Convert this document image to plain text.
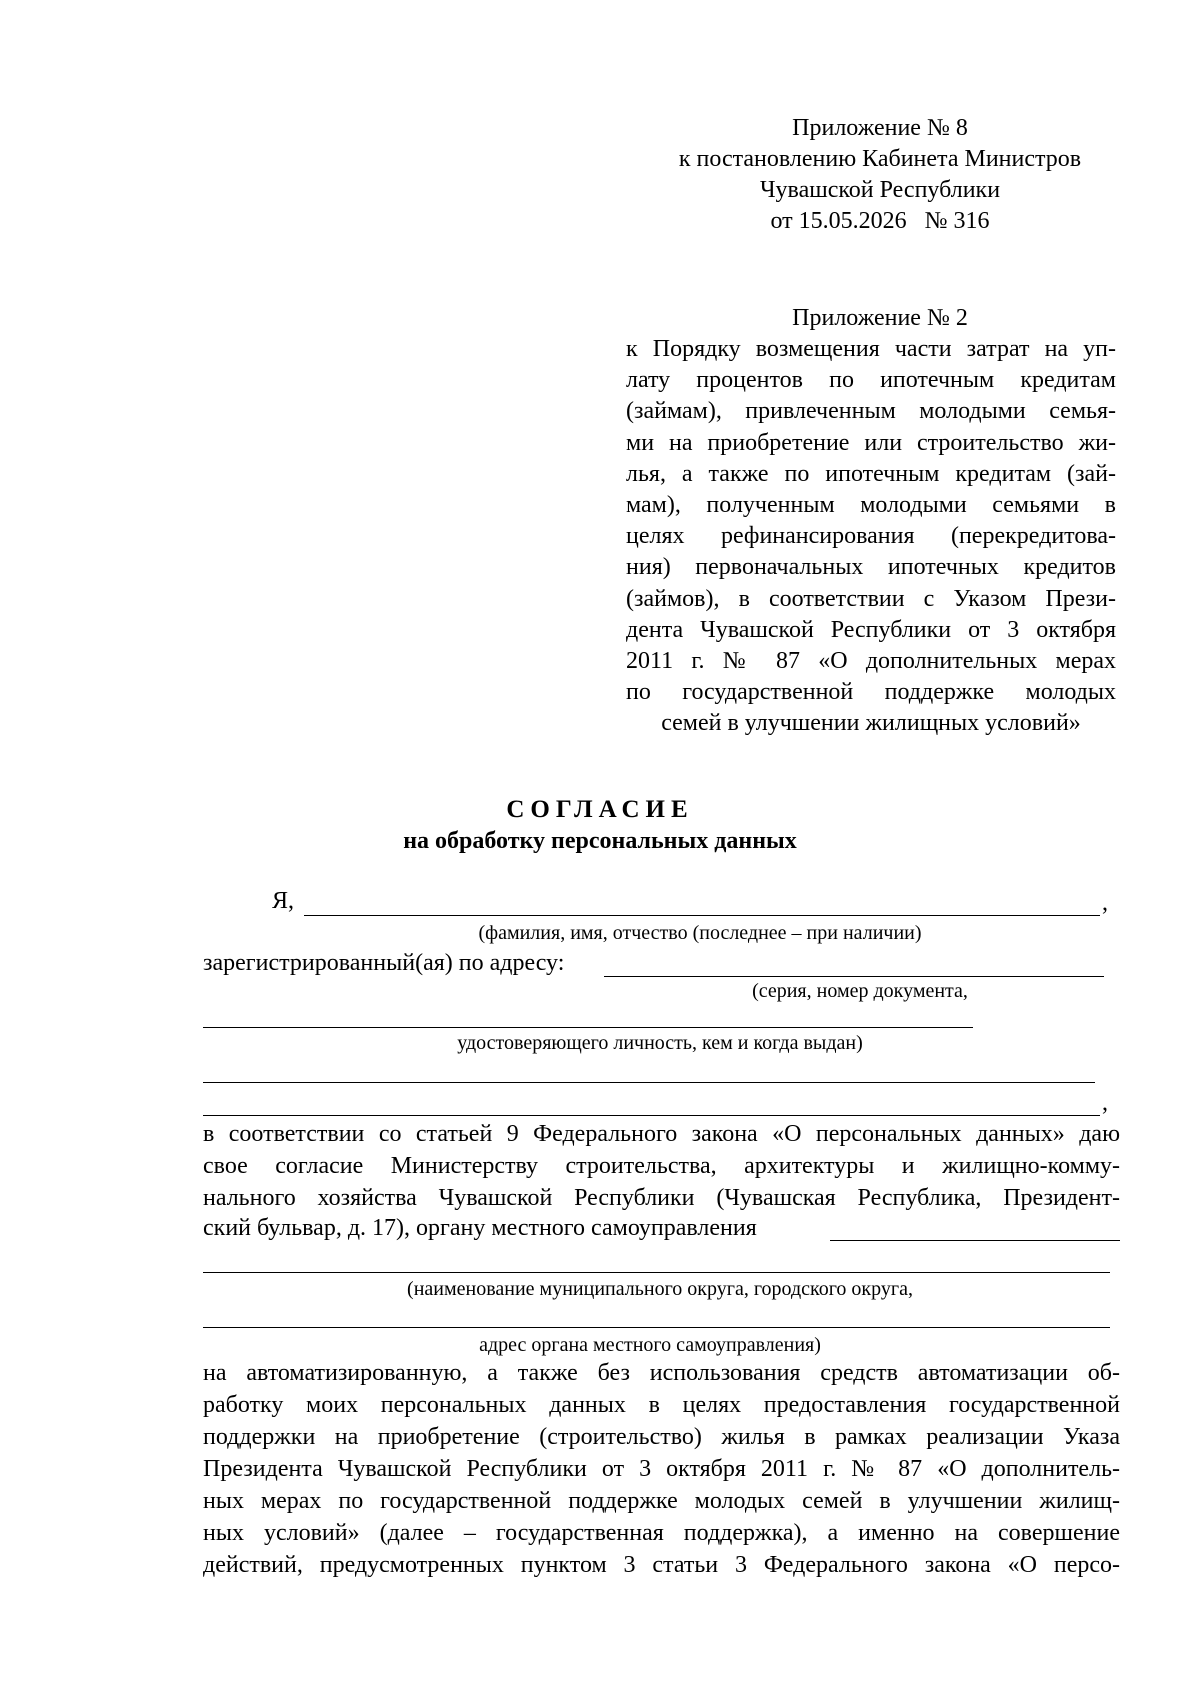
Приложение № 8
к постановлению Кабинета Министров
Чувашской Республики
от 15.05.2026   № 316
Приложение № 2
к Порядку возмещения части затрат на уп-
лату процентов по ипотечным кредитам
(займам), привлеченным молодыми семья-
ми на приобретение или строительство жи-
лья, а также по ипотечным кредитам (зай-
мам), полученным молодыми семьями в
целях рефинансирования (перекредитова-
ния) первоначальных ипотечных кредитов
(займов), в соответствии с Указом Прези-
дента Чувашской Республики от 3 октября
2011 г. № 87 «О дополнительных мерах
по государственной поддержке молодых
семей в улучшении жилищных условий»
СОГЛАСИЕ
на обработку персональных данных
Я,	,
(фамилия, имя, отчество (последнее – при наличии)
зарегистрированный(ая) по адресу:
(серия, номер документа,
удостоверяющего личность, кем и когда выдан)
,
в соответствии со статьей 9 Федерального закона «О персональных данных» даю
свое согласие Министерству строительства, архитектуры и жилищно-комму-
нального хозяйства Чувашской Республики (Чувашская Республика, Президент-
ский бульвар, д. 17), органу местного самоуправления
(наименование муниципального округа, городского округа,
адрес органа местного самоуправления)
на автоматизированную, а также без использования средств автоматизации об-
работку моих персональных данных в целях предоставления государственной
поддержки на приобретение (строительство) жилья в рамках реализации Указа
Президента Чувашской Республики от 3 октября 2011 г. № 87 «О дополнитель-
ных мерах по государственной поддержке молодых семей в улучшении жилищ-
ных условий» (далее – государственная поддержка), а именно на совершение
действий, предусмотренных пунктом 3 статьи 3 Федерального закона «О персо-
